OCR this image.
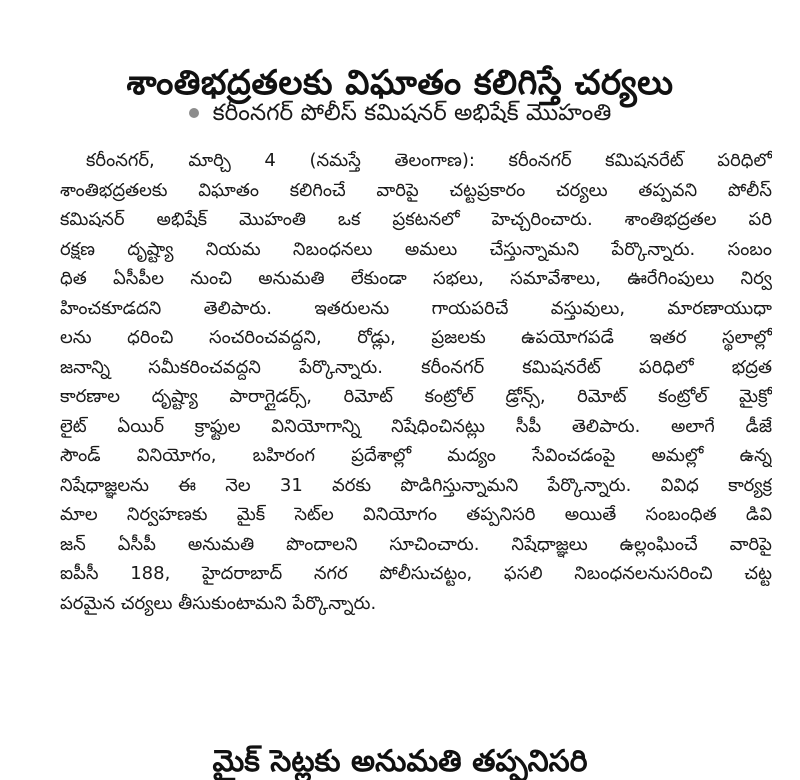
శాంతిభద్రతలకు విఘాతం కలిగిస్తే చర్యలు
కరీంనగర్ పోలీస్ కమిషనర్ అభిషేక్ మొహంతి
కరీంనగర్, మార్చి 4 (నమస్తే తెలంగాణ): కరీంనగర్ కమిషనరేట్ పరిధిలో
శాంతిభద్రతలకు విఘాతం కలిగించే వారిపై చట్టప్రకారం చర్యలు తప్పవని పోలీస్
కమిషనర్ అభిషేక్ మొహంతి ఒక ప్రకటనలో హెచ్చరించారు. శాంతిభద్రతల పరి
రక్షణ దృష్ట్యా నియమ నిబంధనలు అమలు చేస్తున్నామని పేర్కొన్నారు. సంబం
ధిత ఏసీపీల నుంచి అనుమతి లేకుండా సభలు, సమావేశాలు, ఊరేగింపులు నిర్వ
హించకూడదని తెలిపారు. ఇతరులను గాయపరిచే వస్తువులు, మారణాయుధా
లను ధరించి సంచరించవద్దని, రోడ్లు, ప్రజలకు ఉపయోగపడే ఇతర స్థలాల్లో
జనాన్ని సమీకరించవద్దని పేర్కొన్నారు. కరీంనగర్ కమిషనరేట్ పరిధిలో భద్రత
కారణాల దృష్ట్యా పారాగ్లైడర్స్, రిమోట్ కంట్రోల్ డ్రోన్స్, రిమోట్ కంట్రోల్ మైక్రో
లైట్ ఏయిర్ క్రాఫ్టుల వినియోగాన్ని నిషేధించినట్లు సీపీ తెలిపారు. అలాగే డీజే
సౌండ్ వినియోగం, బహిరంగ ప్రదేశాల్లో మద్యం సేవించడంపై అమల్లో ఉన్న
నిషేధాజ్ఞలను ఈ నెల 31 వరకు పొడిగిస్తున్నామని పేర్కొన్నారు. వివిధ కార్యక్ర
మాల నిర్వహణకు మైక్ సెట్‌ల వినియోగం తప్పనిసరి అయితే సంబంధిత డివి
జన్ ఏసీపీ అనుమతి పొందాలని సూచించారు. నిషేధాజ్ఞలు ఉల్లంఘించే వారిపై
ఐపీసీ 188, హైదరాబాద్ నగర పోలీసుచట్టం, ఫసలి నిబంధనలనుసరించి చట్ట
పరమైన చర్యలు తీసుకుంటామని పేర్కొన్నారు.
మైక్ సెట్లకు అనుమతి తప్పనిసరి
